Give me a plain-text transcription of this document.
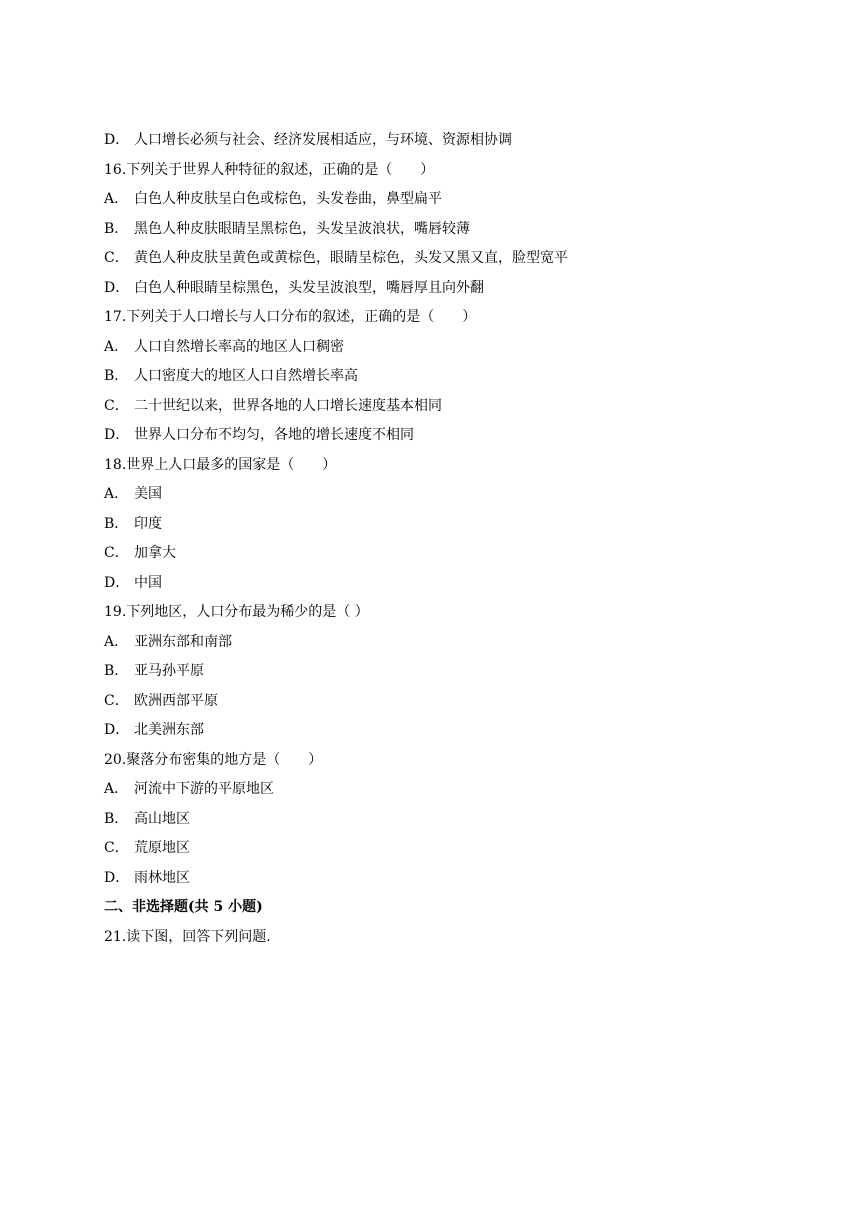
D． 人口增长必须与社会、经济发展相适应，与环境、资源相协调
16.下列关于世界人种特征的叙述，正确的是（　　）
A． 白色人种皮肤呈白色或棕色，头发卷曲，鼻型扁平
B． 黑色人种皮肤眼睛呈黑棕色，头发呈波浪状，嘴唇较薄
C． 黄色人种皮肤呈黄色或黄棕色，眼睛呈棕色，头发又黑又直，脸型宽平
D． 白色人种眼睛呈棕黑色，头发呈波浪型，嘴唇厚且向外翻
17.下列关于人口增长与人口分布的叙述，正确的是（　　）
A． 人口自然增长率高的地区人口稠密
B． 人口密度大的地区人口自然增长率高
C． 二十世纪以来，世界各地的人口增长速度基本相同
D． 世界人口分布不均匀，各地的增长速度不相同
18.世界上人口最多的国家是（　　）
A． 美国
B． 印度
C． 加拿大
D． 中国
19.下列地区，人口分布最为稀少的是（ ）
A． 亚洲东部和南部
B． 亚马孙平原
C． 欧洲西部平原
D． 北美洲东部
20.聚落分布密集的地方是（　　）
A． 河流中下游的平原地区
B． 高山地区
C． 荒原地区
D． 雨林地区
二、非选择题(共 5 小题)
21.读下图，回答下列问题.
